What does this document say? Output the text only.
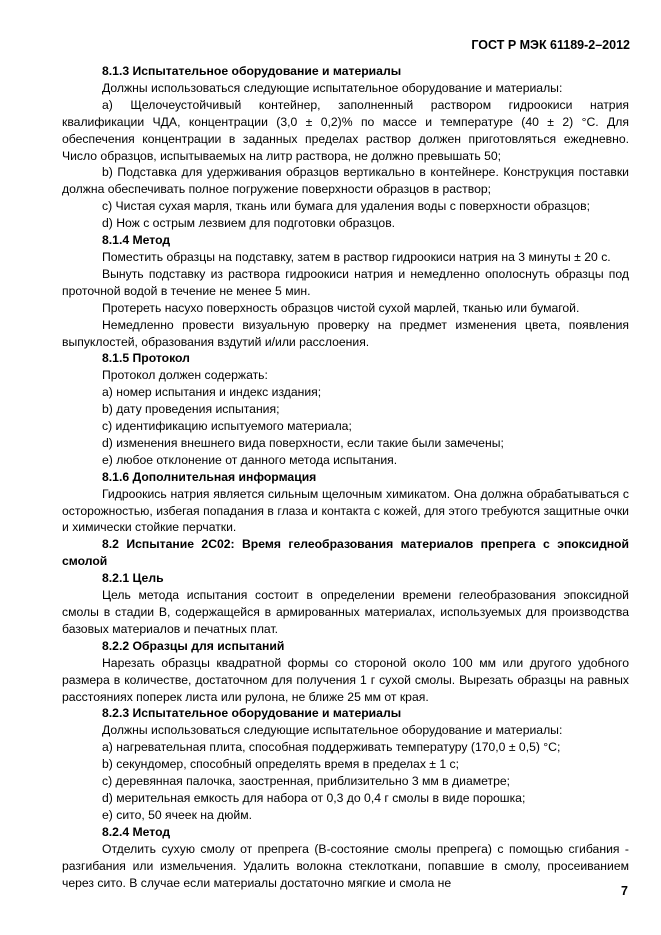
ГОСТ Р МЭК 61189-2–2012

8.1.3 Испытательное оборудование и материалы

Должны использоваться следующие испытательное оборудование и материалы:

а) Щелочеустойчивый контейнер, заполненный раствором гидроокиси натрия квалификации ЧДА, концентрации (3,0 ± 0,2)% по массе и температуре (40 ± 2) °С. Для обеспечения концентрации в заданных пределах раствор должен приготовляться ежедневно. Число образцов, испытываемых на литр раствора, не должно превышать 50;

b) Подставка для удерживания образцов вертикально в контейнере. Конструкция поставки должна обеспечивать полное погружение поверхности образцов в раствор;

с) Чистая сухая марля, ткань или бумага для удаления воды с поверхности образцов;

d) Нож с острым лезвием для подготовки образцов.

8.1.4 Метод

Поместить образцы на подставку, затем в раствор гидроокиси натрия на 3 минуты ± 20 с.

Вынуть подставку из раствора гидроокиси натрия и немедленно ополоснуть образцы под проточной водой в течение не менее 5 мин.

Протереть насухо поверхность образцов чистой сухой марлей, тканью или бумагой.

Немедленно провести визуальную проверку на предмет изменения цвета, появления выпуклостей, образования вздутий и/или расслоения.

8.1.5 Протокол

Протокол должен содержать:

а) номер испытания и индекс издания;

b) дату проведения испытания;

с) идентификацию испытуемого материала;

d) изменения внешнего вида поверхности, если такие были замечены;

е) любое отклонение от данного метода испытания.

8.1.6 Дополнительная информация

Гидроокись натрия является сильным щелочным химикатом. Она должна обрабатываться с осторожностью, избегая попадания в глаза и контакта с кожей, для этого требуются защитные очки и химически стойкие перчатки.

8.2 Испытание 2С02: Время гелеобразования материалов препрега с эпоксидной смолой

8.2.1 Цель

Цель метода испытания состоит в определении времени гелеобразования эпоксидной смолы в стадии В, содержащейся в армированных материалах, используемых для производства базовых материалов и печатных плат.

8.2.2 Образцы для испытаний

Нарезать образцы квадратной формы со стороной около 100 мм или другого удобного размера в количестве, достаточном для получения 1 г сухой смолы. Вырезать образцы на равных расстояниях поперек листа или рулона, не ближе 25 мм от края.

8.2.3 Испытательное оборудование и материалы

Должны использоваться следующие испытательное оборудование и материалы:

а) нагревательная плита, способная поддерживать температуру (170,0 ± 0,5) °С;

b) секундомер, способный определять время в пределах ± 1 с;

с) деревянная палочка, заостренная, приблизительно 3 мм в диаметре;

d) мерительная емкость для набора от 0,3 до 0,4 г смолы в виде порошка;

е) сито, 50 ячеек на дюйм.

8.2.4 Метод

Отделить сухую смолу от препрега (В-состояние смолы препрега) с помощью сгибания - разгибания или измельчения. Удалить волокна стеклоткани, попавшие в смолу, просеиванием через сито. В случае если материалы достаточно мягкие и смола не

7
